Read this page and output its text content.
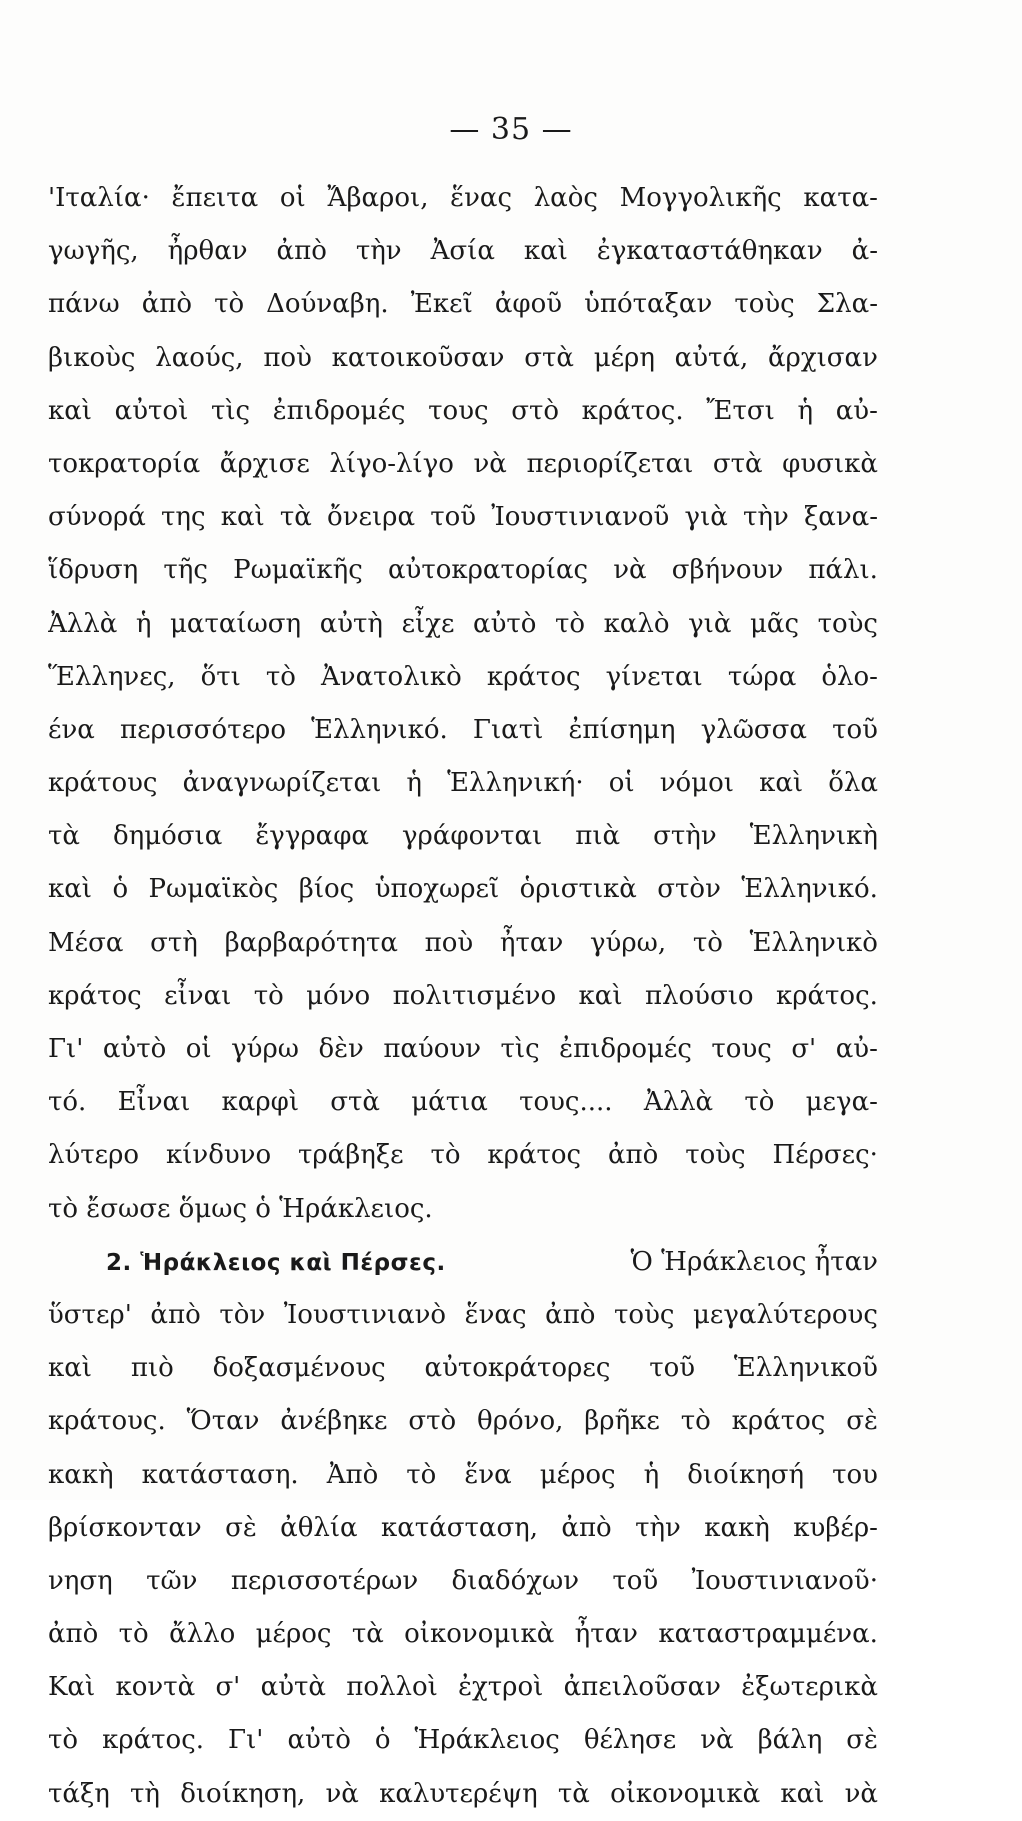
— 35 —
'Ιταλία· ἔπειτα οἱ Ἄβαροι, ἕνας λαὸς Μογγολικῆς κατα-
γωγῆς, ἦρθαν ἀπὸ τὴν Ἀσία καὶ ἐγκαταστάθηκαν ἀ-
πάνω ἀπὸ τὸ Δούναβη. Ἐκεῖ ἀφοῦ ὑπόταξαν τοὺς Σλα-
βικοὺς λαούς, ποὺ κατοικοῦσαν στὰ μέρη αὐτά, ἄρχισαν
καὶ αὐτοὶ τὶς ἐπιδρομές τους στὸ κράτος. Ἔτσι ἡ αὐ-
τοκρατορία ἄρχισε λίγο-λίγο νὰ περιορίζεται στὰ φυσικὰ
σύνορά της καὶ τὰ ὄνειρα τοῦ Ἰουστινιανοῦ γιὰ τὴν ξανα-
ἵδρυση τῆς Ρωμαϊκῆς αὐτοκρατορίας νὰ σβήνουν πάλι.
Ἀλλὰ ἡ ματαίωση αὐτὴ εἶχε αὐτὸ τὸ καλὸ γιὰ μᾶς τοὺς
Ἕλληνες, ὅτι τὸ Ἀνατολικὸ κράτος γίνεται τώρα ὁλο-
ένα περισσότερο Ἑλληνικό. Γιατὶ ἐπίσημη γλῶσσα τοῦ
κράτους ἀναγνωρίζεται ἡ Ἑλληνική· οἱ νόμοι καὶ ὅλα
τὰ δημόσια ἔγγραφα γράφονται πιὰ στὴν Ἑλληνικὴ
καὶ ὁ Ρωμαϊκὸς βίος ὑποχωρεῖ ὁριστικὰ στὸν Ἑλληνικό.
Μέσα στὴ βαρβαρότητα ποὺ ἦταν γύρω, τὸ Ἑλληνικὸ
κράτος εἶναι τὸ μόνο πολιτισμένο καὶ πλούσιο κράτος.
Γι' αὐτὸ οἱ γύρω δὲν παύουν τὶς ἐπιδρομές τους σ' αὐ-
τό. Εἶναι καρφὶ στὰ μάτια τους.... Ἀλλὰ τὸ μεγα-
λύτερο κίνδυνο τράβηξε τὸ κράτος ἀπὸ τοὺς Πέρσες·
τὸ ἔσωσε ὅμως ὁ Ἡράκλειος.
2. Ἡράκλειος καὶ Πέρσες.	Ὁ Ἡράκλειος ἦταν
ὕστερ' ἀπὸ τὸν Ἰουστινιανὸ ἕνας ἀπὸ τοὺς μεγαλύτερους
καὶ πιὸ δοξασμένους αὐτοκράτορες τοῦ Ἑλληνικοῦ
κράτους. Ὅταν ἀνέβηκε στὸ θρόνο, βρῆκε τὸ κράτος σὲ
κακὴ κατάσταση. Ἀπὸ τὸ ἕνα μέρος ἡ διοίκησή του
βρίσκονταν σὲ ἀθλία κατάσταση, ἀπὸ τὴν κακὴ κυβέρ-
νηση τῶν περισσοτέρων διαδόχων τοῦ Ἰουστινιανοῦ·
ἀπὸ τὸ ἄλλο μέρος τὰ οἰκονομικὰ ἦταν καταστραμμένα.
Καὶ κοντὰ σ' αὐτὰ πολλοὶ ἐχτροὶ ἀπειλοῦσαν ἐξωτερικὰ
τὸ κράτος. Γι' αὐτὸ ὁ Ἡράκλειος θέλησε νὰ βάλη σὲ
τάξη τὴ διοίκηση, νὰ καλυτερέψη τὰ οἰκονομικὰ καὶ νὰ
